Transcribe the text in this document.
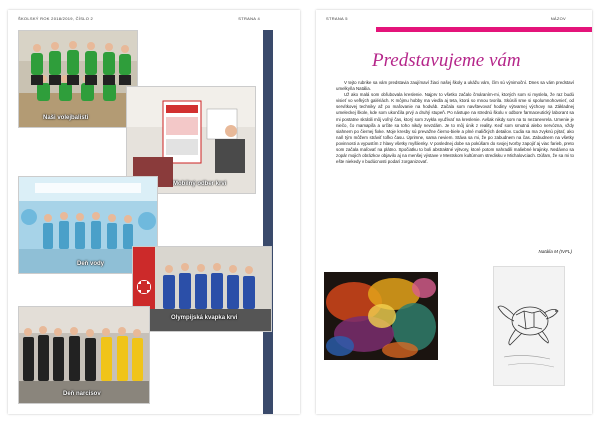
ŠKOLSKÝ ROK 2018/2019, ČÍSLO 2	STRANA 4
Naši volejbalisti
Mobilný odber krvi
Deň vody
Olympijská kvapka krvi
Deň narcisov
STRANA 5	NÁZOV
Predstavujeme vám

V tejto rubrike sa vám predstavia zaujímaví žiaci našej školy a ukážu vám, čím sú výnimoční. Dnes sa vám predstaví umelkyňa Natália.

Už ako malá som obľubovala kreslenie. Najprv to všetko začalo čmáraním-mi, ktorých som si myslela, že raz budú visieť vo veľkých galériách. K môjmu hobby ma viedla aj teta, ktorá so mnou tvorila. Skúsili sme si spolumnohovnieť, od servítkovej techniky až po maľovanie na hodváb. Začala som navštevovať hodiny výtvarnej výchovy na Základnej umeleckej škole, kde som ukončila prvý a druhý stupeň. Po nástupe na strednú školu v odbore farmaceutický laborant sa mi postatne skrátili môj voľný čas, ktorý som zvykla využívať na kreslenie. Avšak nikdy som na to nezanevrela. Umenie je niečo, čo mamapiľa a určite sa toho nikdy nevzdám. Je to môj únik z reality. Keď som smutná alebo nervózna, vždy siahnem po čiernej fixke. Moje kresby sú prevažne čierno-biele a plné maličkých detailov. Ľudia sa ma zvyknú pýtať, ako naň tým môžem stráviť toľko času. Úprimne, sama neviem. Stáva sa mi, že po zabudnem na čas. Zabudnem na všetky povinnosti a vypustím z hlavy všetky myšlienky. V poslednej dobe sa pokúšam do svojej tvorby zapojiť aj viac farieb, preto som začala maľovať na plátno. Spočiatku to boli abstraktné výtvory, ktoré potom nahradili maliebné krajinky. Nedávno sa zopár mojich obrázkov objavilo aj na menšej výstave v Mestskom kultúrnom stredisku v Michalovciach. Dúfam, že sa mi to ešte niekedy v budúcnosti podarí zorganizovať.

Natália M (IVFL)
